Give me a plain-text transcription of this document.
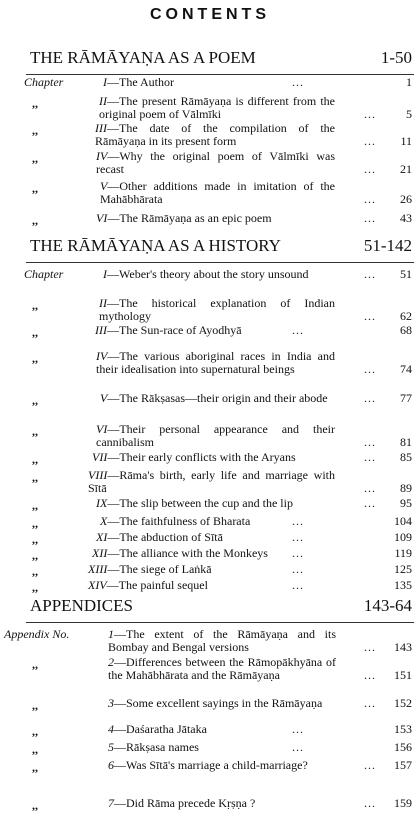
CONTENTS
THE RĀMĀYAṆA AS A POEM	1-50
Chapter	I—The Author	...	1
,,	II—The present Rāmāyaṇa is different from the original poem of Vālmīki	...	5
,,	III—The date of the compilation of the Rāmāyaṇa in its present form	...	11
,,	IV—Why the original poem of Vālmīki was recast	...	21
,,	V—Other additions made in imitation of the Mahābhārata	...	26
,,	VI—The Rāmāyaṇa as an epic poem	...	43
THE RĀMĀYAṆA AS A HISTORY	51-142
Chapter	I—Weber's theory about the story unsound	...	51
,,	II—The historical explanation of Indian mythology	...	62
,,	III—The Sun-race of Ayodhyā	...	68
,,	IV—The various aboriginal races in India and their idealisation into supernatural beings	...	74
,,	V—The Rākṣasas—their origin and their abode	...	77
,,	VI—Their personal appearance and their cannibalism	...	81
,,	VII—Their early conflicts with the Aryans	...	85
,,	VIII—Rāma's birth, early life and marriage with Sītā	...	89
,,	IX—The slip between the cup and the lip	...	95
,,	X—The faithfulness of Bharata	...	104
,,	XI—The abduction of Sītā	...	109
,,	XII—The alliance with the Monkeys	...	119
,,	XIII—The siege of Laṅkā	...	125
,,	XIV—The painful sequel	...	135
APPENDICES	143-64
Appendix No.	1—The extent of the Rāmāyaṇa and its Bombay and Bengal versions	...	143
,,	2—Differences between the Rāmopākhyāna of the Mahābhārata and the Rāmāyaṇa	...	151
,,	3—Some excellent sayings in the Rāmāyaṇa	...	152
,,	4—Daśaratha Jātaka	...	153
,,	5—Rākṣasa names	...	156
,,	6—Was Sītā's marriage a child-marriage?	...	157
,,	7—Did Rāma precede Kṛṣṇa ?	...	159
